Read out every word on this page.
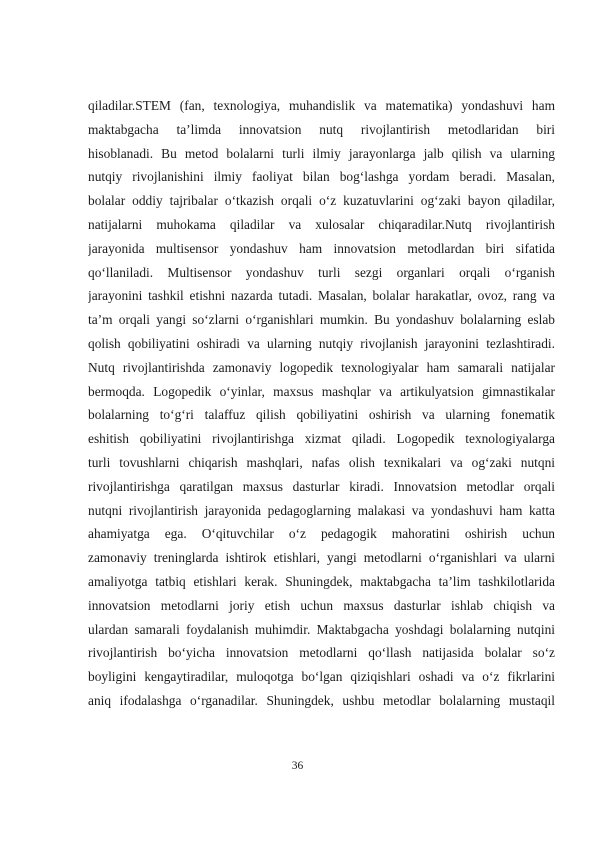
qiladilar.STEM (fan, texnologiya, muhandislik va matematika) yondashuvi ham
maktabgacha ta’limda innovatsion nutq rivojlantirish metodlaridan biri
hisoblanadi. Bu metod bolalarni turli ilmiy jarayonlarga jalb qilish va ularning
nutqiy rivojlanishini ilmiy faoliyat bilan bog‘lashga yordam beradi. Masalan,
bolalar oddiy tajribalar o‘tkazish orqali o‘z kuzatuvlarini og‘zaki bayon qiladilar,
natijalarni muhokama qiladilar va xulosalar chiqaradilar.Nutq rivojlantirish
jarayonida multisensor yondashuv ham innovatsion metodlardan biri sifatida
qo‘llaniladi. Multisensor yondashuv turli sezgi organlari orqali o‘rganish
jarayonini tashkil etishni nazarda tutadi. Masalan, bolalar harakatlar, ovoz, rang va
ta’m orqali yangi so‘zlarni o‘rganishlari mumkin. Bu yondashuv bolalarning eslab
qolish qobiliyatini oshiradi va ularning nutqiy rivojlanish jarayonini tezlashtiradi.
Nutq rivojlantirishda zamonaviy logopedik texnologiyalar ham samarali natijalar
bermoqda. Logopedik o‘yinlar, maxsus mashqlar va artikulyatsion gimnastikalar
bolalarning to‘g‘ri talaffuz qilish qobiliyatini oshirish va ularning fonematik
eshitish qobiliyatini rivojlantirishga xizmat qiladi. Logopedik texnologiyalarga
turli tovushlarni chiqarish mashqlari, nafas olish texnikalari va og‘zaki nutqni
rivojlantirishga qaratilgan maxsus dasturlar kiradi. Innovatsion metodlar orqali
nutqni rivojlantirish jarayonida pedagoglarning malakasi va yondashuvi ham katta
ahamiyatga ega. O‘qituvchilar o‘z pedagogik mahoratini oshirish uchun
zamonaviy treninglarda ishtirok etishlari, yangi metodlarni o‘rganishlari va ularni
amaliyotga tatbiq etishlari kerak. Shuningdek, maktabgacha ta’lim tashkilotlarida
innovatsion metodlarni joriy etish uchun maxsus dasturlar ishlab chiqish va
ulardan samarali foydalanish muhimdir. Maktabgacha yoshdagi bolalarning nutqini
rivojlantirish bo‘yicha innovatsion metodlarni qo‘llash natijasida bolalar so‘z
boyligini kengaytiradilar, muloqotga bo‘lgan qiziqishlari oshadi va o‘z fikrlarini
aniq ifodalashga o‘rganadilar. Shuningdek, ushbu metodlar bolalarning mustaqil
36
